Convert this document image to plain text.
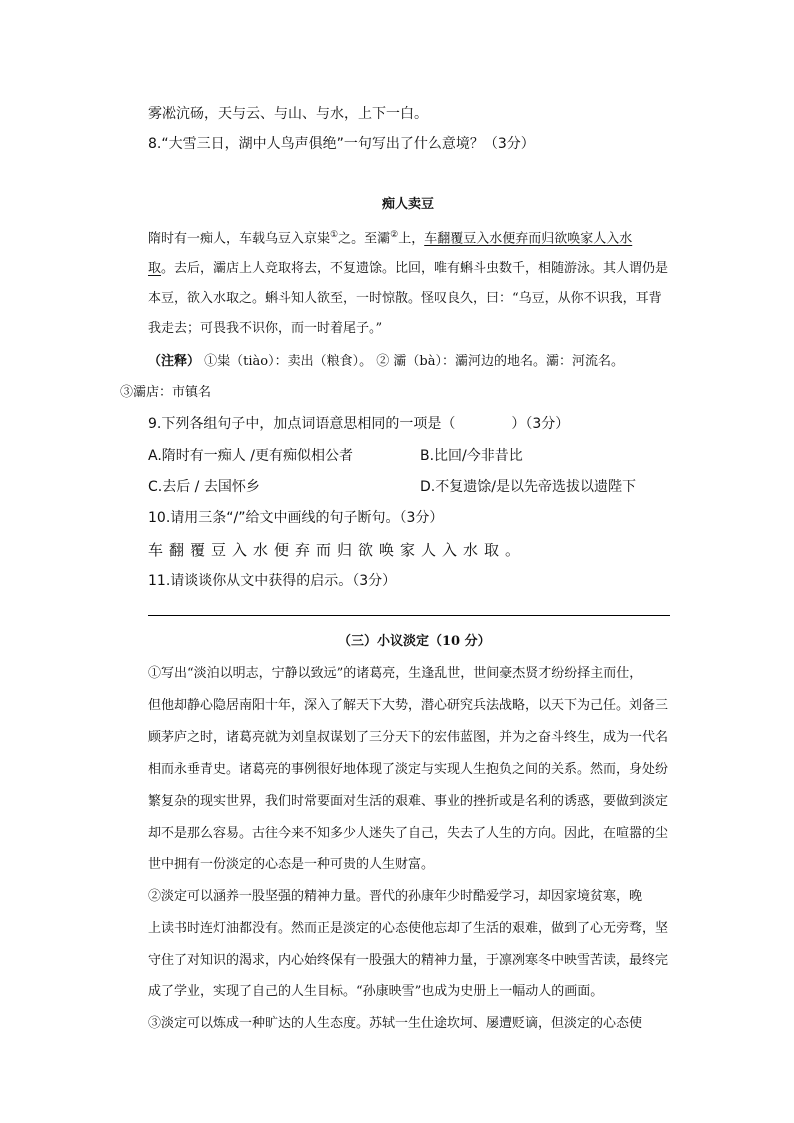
雾凇沆砀，天与云、与山、与水，上下一白。
8.“大雪三日，湖中人鸟声俱绝”一句写出了什么意境？（3分）
痴人卖豆
隋时有一痴人，车载乌豆入京粜①之。至灞②上，车翻覆豆入水便弃而归欲唤家人入水
取。去后，灞店上人竞取将去，不复遗馀。比回，唯有蝌斗虫数千，相随游泳。其人谓仍是
本豆，欲入水取之。蝌斗知人欲至，一时惊散。怪叹良久，曰：“乌豆，从你不识我，耳背
我走去；可畏我不识你，而一时着尾子。”
（注释） ①粜（tiào）：卖出（粮食）。 ② 灞（bà）：灞河边的地名。灞：河流名。
③灞店：市镇名
9.下列各组句子中，加点词语意思相同的一项是（　　　　）（3分）
A.隋时有一痴人 /更有痴似相公者	B.比回/今非昔比
C.去后 / 去国怀乡	D.不复遗馀/是以先帝选拔以遗陛下
10.请用三条“/”给文中画线的句子断句。（3分）
车翻覆豆入水便弃而归欲唤家人入水取。
11.请谈谈你从文中获得的启示。（3分）
（三）小议淡定（10 分）
①写出“淡泊以明志，宁静以致远”的诸葛亮，生逢乱世，世间豪杰贤才纷纷择主而仕，
但他却静心隐居南阳十年，深入了解天下大势，潜心研究兵法战略，以天下为己任。刘备三
顾茅庐之时，诸葛亮就为刘皇叔谋划了三分天下的宏伟蓝图，并为之奋斗终生，成为一代名
相而永垂青史。诸葛亮的事例很好地体现了淡定与实现人生抱负之间的关系。然而，身处纷
繁复杂的现实世界，我们时常要面对生活的艰难、事业的挫折或是名利的诱惑，要做到淡定
却不是那么容易。古往今来不知多少人迷失了自己，失去了人生的方向。因此，在喧嚣的尘
世中拥有一份淡定的心态是一种可贵的人生财富。
②淡定可以涵养一股坚强的精神力量。晋代的孙康年少时酷爱学习，却因家境贫寒，晚
上读书时连灯油都没有。然而正是淡定的心态使他忘却了生活的艰难，做到了心无旁骛，坚
守住了对知识的渴求，内心始终保有一股强大的精神力量，于凛冽寒冬中映雪苦读，最终完
成了学业，实现了自己的人生目标。“孙康映雪”也成为史册上一幅动人的画面。
③淡定可以炼成一种旷达的人生态度。苏轼一生仕途坎坷、屡遭贬谪，但淡定的心态使
